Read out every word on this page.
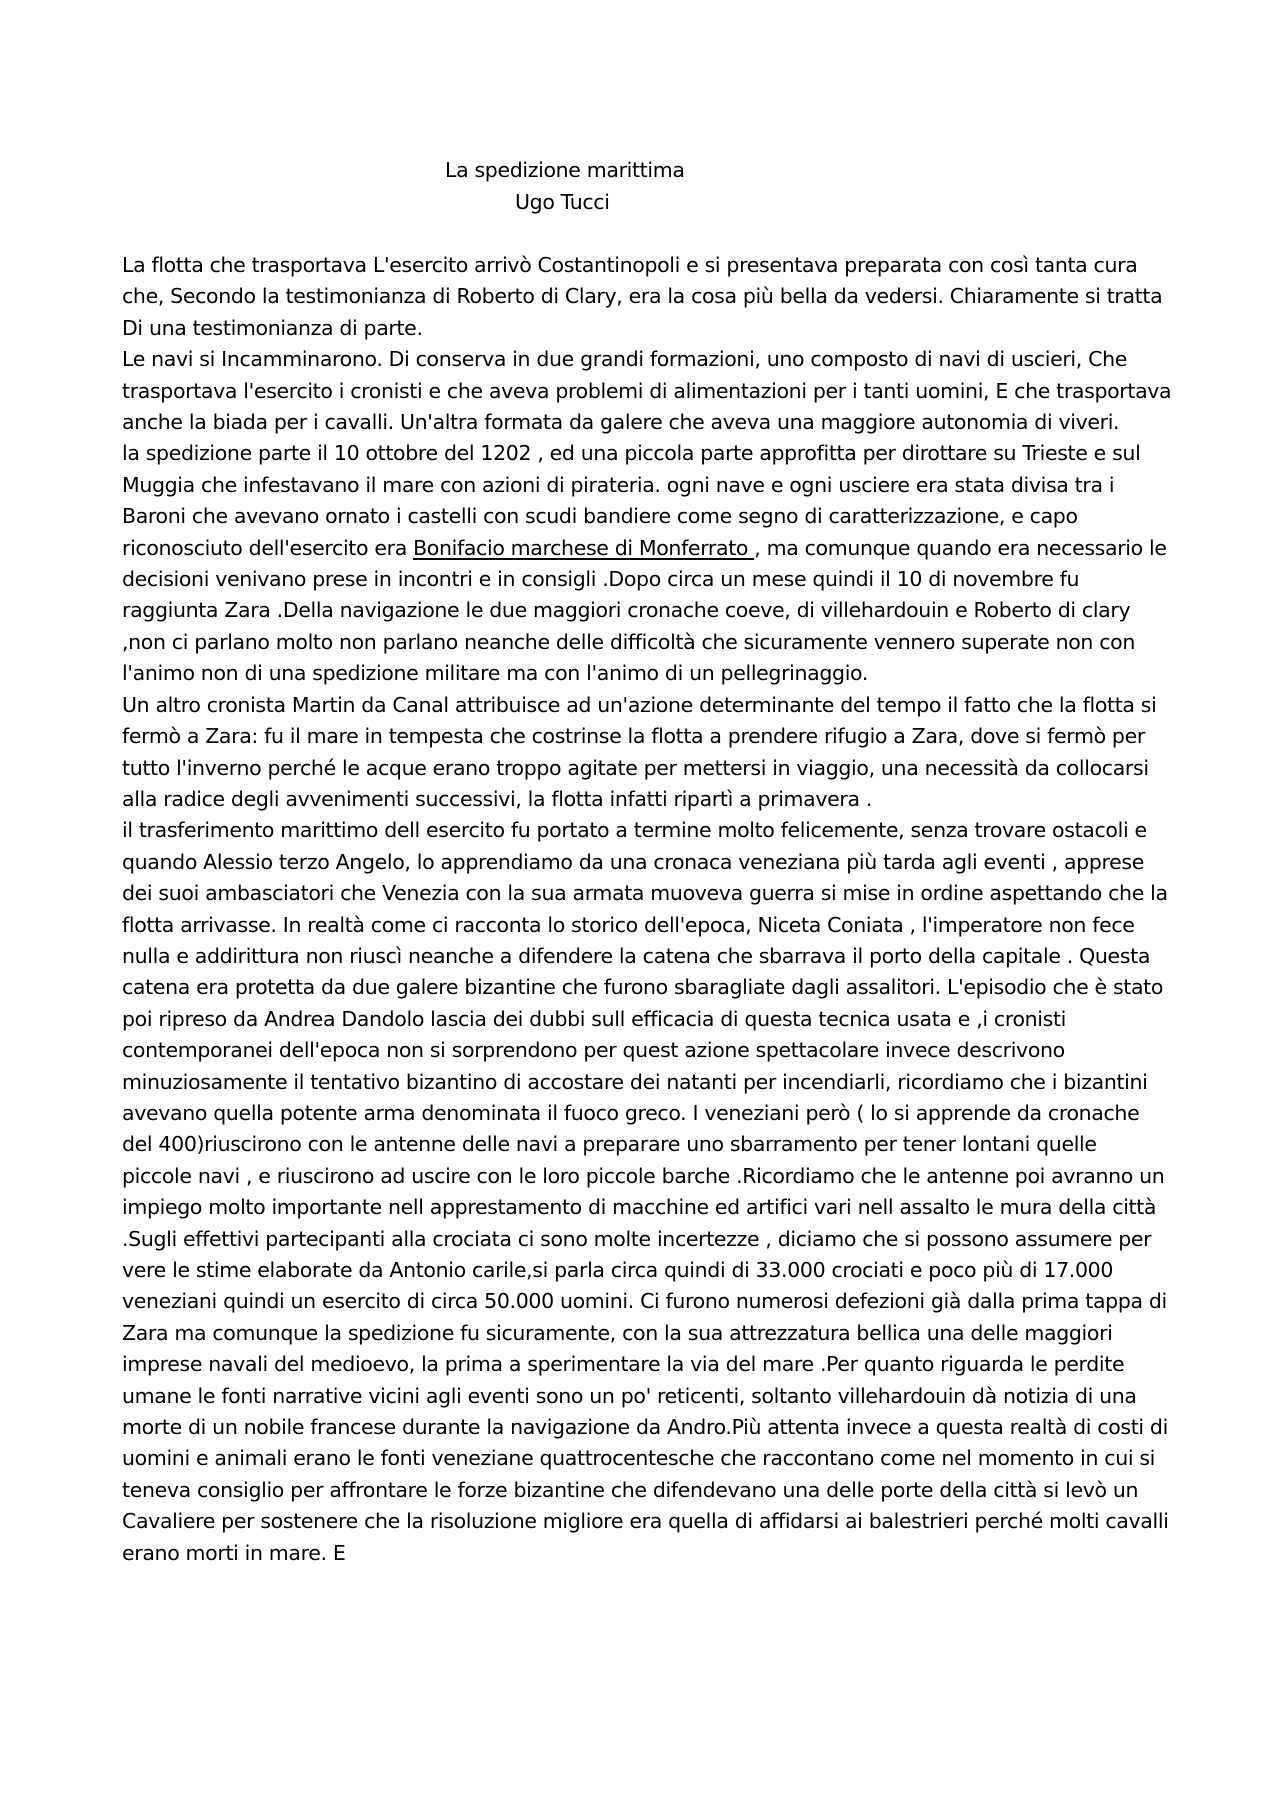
La spedizione marittima
Ugo Tucci

La flotta che trasportava L'esercito arrivò Costantinopoli e si presentava preparata con così tanta cura che, Secondo la testimonianza di Roberto di Clary, era la cosa più bella da vedersi. Chiaramente si tratta Di una testimonianza di parte.

Le navi si Incamminarono. Di conserva in due grandi formazioni, uno composto di navi di uscieri, Che trasportava l'esercito i cronisti e che aveva problemi di alimentazioni per i tanti uomini, E che trasportava anche la biada per i cavalli. Un'altra formata da galere che aveva una maggiore autonomia di viveri.

la spedizione parte il 10 ottobre del 1202 , ed una piccola parte approfitta per dirottare su Trieste e sul Muggia che infestavano il mare con azioni di pirateria. ogni nave e ogni usciere era stata divisa tra i Baroni che avevano ornato i castelli con scudi bandiere come segno di caratterizzazione, e capo riconosciuto dell'esercito era Bonifacio marchese di Monferrato , ma comunque quando era necessario le decisioni venivano prese in incontri e in consigli .Dopo circa un mese quindi il 10 di novembre fu raggiunta Zara .Della navigazione le due maggiori cronache coeve, di villehardouin e Roberto di clary ,non ci parlano molto non parlano neanche delle difficoltà che sicuramente vennero superate non con l'animo non di una spedizione militare ma con l'animo di un pellegrinaggio.

Un altro cronista Martin da Canal attribuisce ad un'azione determinante del tempo il fatto che la flotta si fermò a Zara: fu il mare in tempesta che costrinse la flotta a prendere rifugio a Zara, dove si fermò per tutto l'inverno perché le acque erano troppo agitate per mettersi in viaggio, una necessità da collocarsi alla radice degli avvenimenti successivi, la flotta infatti ripartì a primavera .

il trasferimento marittimo dell esercito fu portato a termine molto felicemente, senza trovare ostacoli e quando Alessio terzo Angelo, lo apprendiamo da una cronaca veneziana più tarda agli eventi , apprese dei suoi ambasciatori che Venezia con la sua armata muoveva guerra si mise in ordine aspettando che la flotta arrivasse. In realtà come ci racconta lo storico dell'epoca, Niceta Coniata , l'imperatore non fece nulla e addirittura non riuscì neanche a difendere la catena che sbarrava il porto della capitale . Questa catena era protetta da due galere bizantine che furono sbaragliate dagli assalitori. L'episodio che è stato poi ripreso da Andrea Dandolo lascia dei dubbi sull efficacia di questa tecnica usata e ,i cronisti contemporanei dell'epoca non si sorprendono per quest azione spettacolare invece descrivono minuziosamente il tentativo bizantino di accostare dei natanti per incendiarli, ricordiamo che i bizantini avevano quella potente arma denominata il fuoco greco. I veneziani però ( lo si apprende da cronache del 400)riuscirono con le antenne delle navi a preparare uno sbarramento per tener lontani quelle piccole navi , e riuscirono ad uscire con le loro piccole barche .Ricordiamo che le antenne poi avranno un impiego molto importante nell apprestamento di macchine ed artifici vari nell assalto le mura della città .Sugli effettivi partecipanti alla crociata ci sono molte incertezze , diciamo che si possono assumere per vere le stime elaborate da Antonio carile,si parla circa quindi di 33.000 crociati e poco più di 17.000 veneziani quindi un esercito di circa 50.000 uomini. Ci furono numerosi defezioni già dalla prima tappa di Zara ma comunque la spedizione fu sicuramente, con la sua attrezzatura bellica una delle maggiori imprese navali del medioevo, la prima a sperimentare la via del mare .Per quanto riguarda le perdite umane le fonti narrative vicini agli eventi sono un po' reticenti, soltanto villehardouin dà notizia di una morte di un nobile francese durante la navigazione da Andro.Più attenta invece a questa realtà di costi di uomini e animali erano le fonti veneziane quattrocentesche che raccontano come nel momento in cui si teneva consiglio per affrontare le forze bizantine che difendevano una delle porte della città si levò un Cavaliere per sostenere che la risoluzione migliore era quella di affidarsi ai balestrieri perché molti cavalli erano morti in mare. E
